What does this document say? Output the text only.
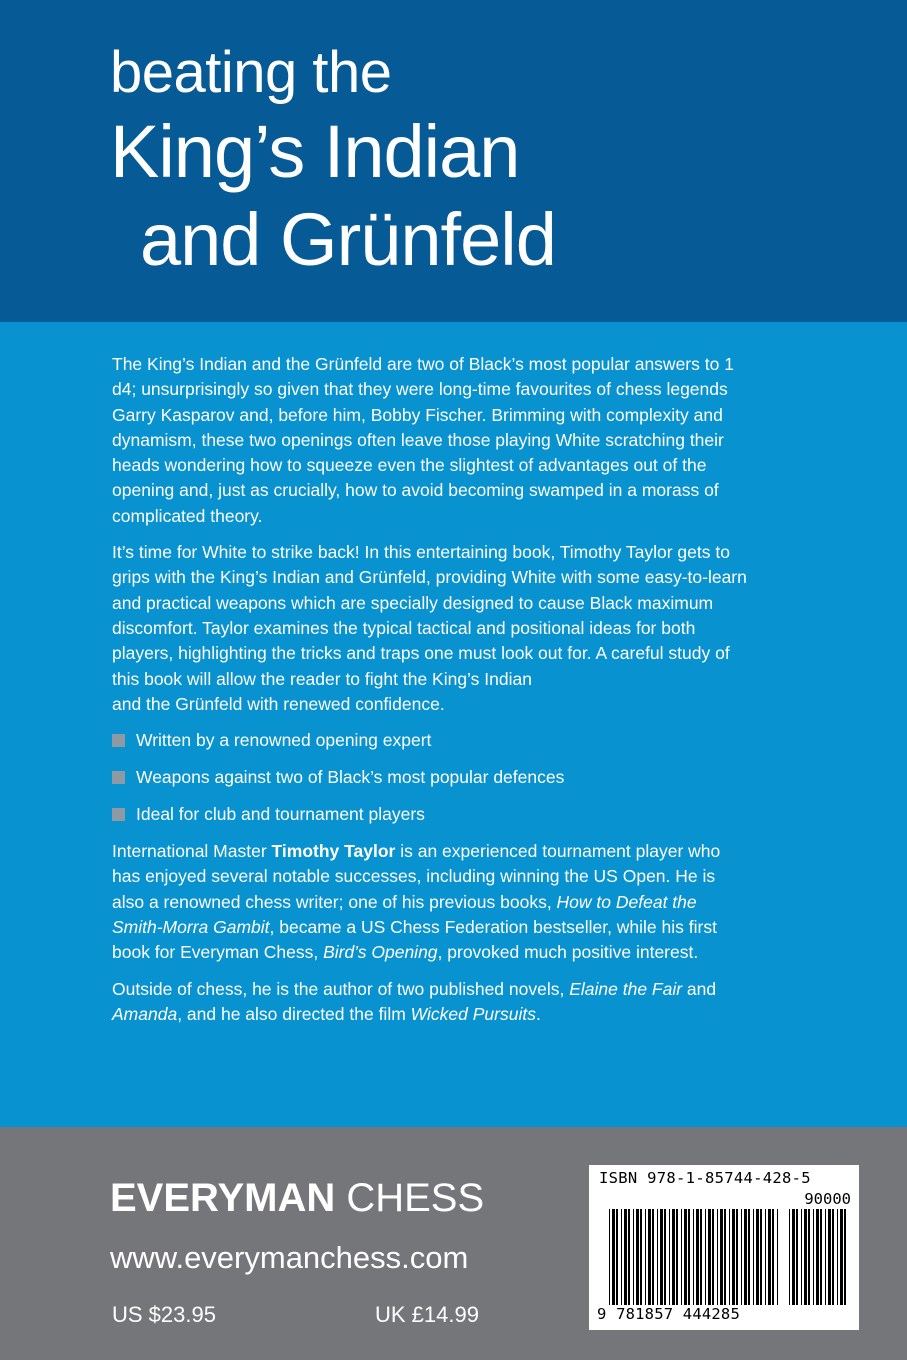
beating the
King’s Indian
and Grünfeld

The King’s Indian and the Grünfeld are two of Black’s most popular answers to 1 d4; unsurprisingly so given that they were long-time favourites of chess legends Garry Kasparov and, before him, Bobby Fischer. Brimming with complexity and dynamism, these two openings often leave those playing White scratching their heads wondering how to squeeze even the slightest of advantages out of the opening and, just as crucially, how to avoid becoming swamped in a morass of complicated theory.

It’s time for White to strike back! In this entertaining book, Timothy Taylor gets to grips with the King’s Indian and Grünfeld, providing White with some easy-to-learn and practical weapons which are specially designed to cause Black maximum discomfort. Taylor examines the typical tactical and positional ideas for both players, highlighting the tricks and traps one must look out for. A careful study of this book will allow the reader to fight the King’s Indian
and the Grünfeld with renewed confidence.

Written by a renowned opening expert
Weapons against two of Black’s most popular defences
Ideal for club and tournament players

International Master Timothy Taylor is an experienced tournament player who has enjoyed several notable successes, including winning the US Open. He is also a renowned chess writer; one of his previous books, How to Defeat the Smith-Morra Gambit, became a US Chess Federation bestseller, while his first book for Everyman Chess, Bird’s Opening, provoked much positive interest.

Outside of chess, he is the author of two published novels, Elaine the Fair and Amanda, and he also directed the film Wicked Pursuits.

EVERYMAN CHESS
www.everymanchess.com
US $23.95	UK £14.99
ISBN 978-1-85744-428-5
90000
9 781857 444285
